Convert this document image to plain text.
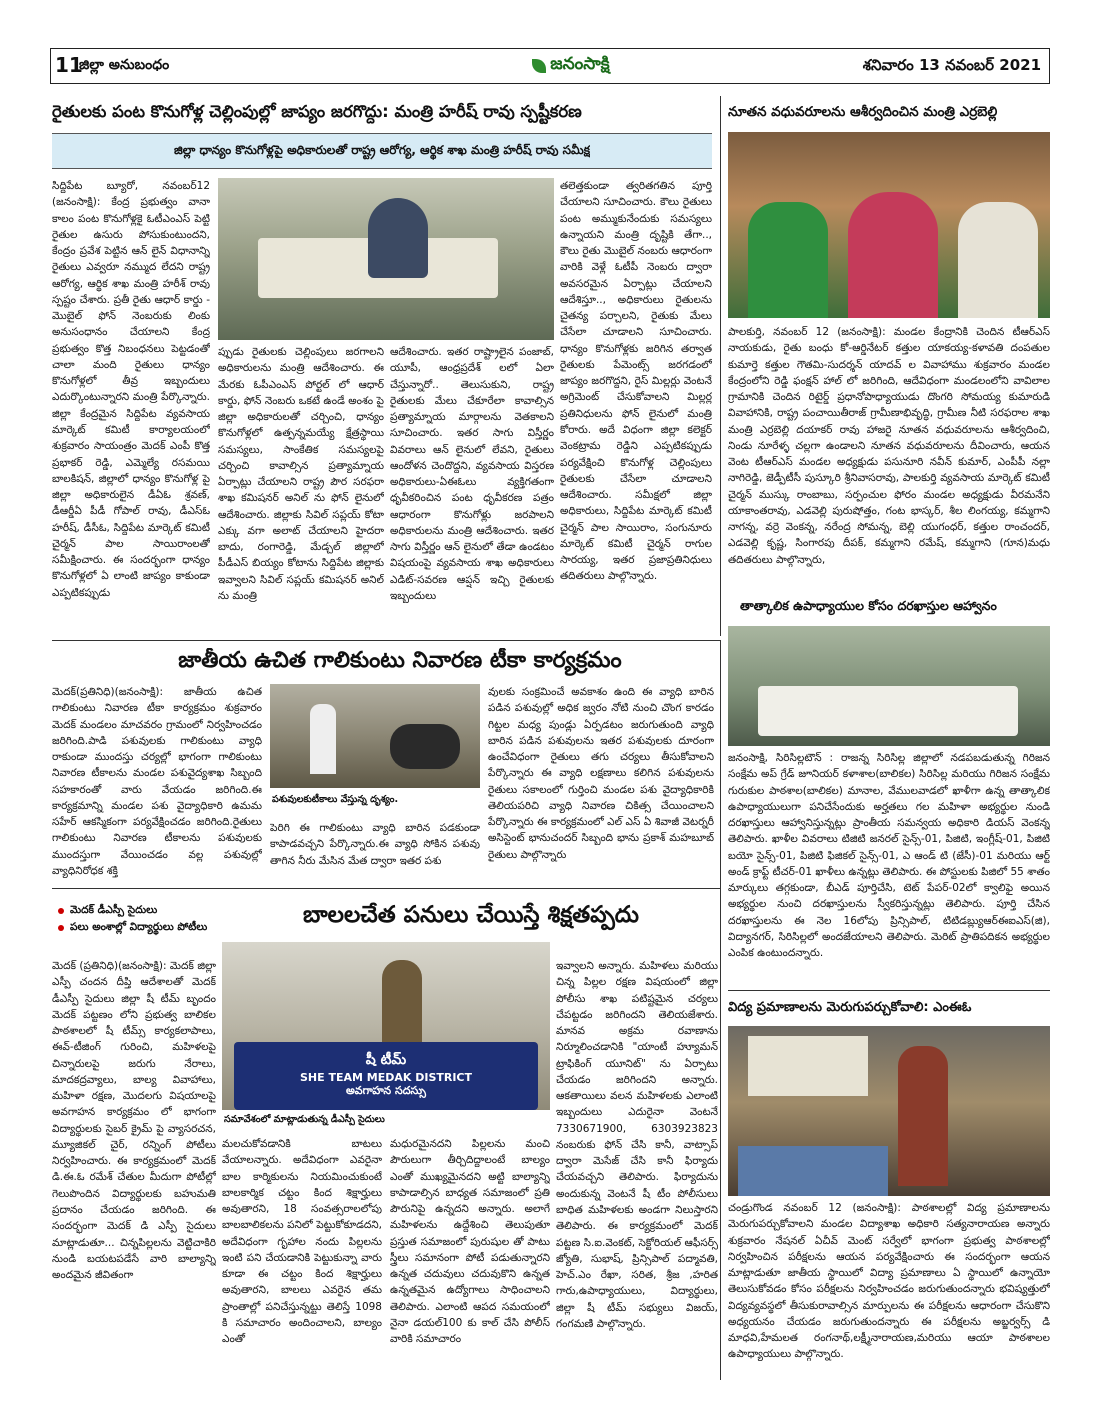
11
జిల్లా అనుబంధం	జనంసాక్షి	శనివారం 13 నవంబర్ 2021
రైతులకు పంట కొనుగోళ్ల చెల్లింపుల్లో జాప్యం జరగొద్దు: మంత్రి హరీష్ రావు స్పష్టీకరణ
జిల్లా ధాన్యం కొనుగోళ్లపై అధికారులతో రాష్ట్ర ఆరోగ్య, ఆర్థిక శాఖ మంత్రి హరీష్ రావు సమీక్ష
సిద్దిపేట బ్యూరో, నవంబర్12 (జనంసాక్షి): కేంద్ర ప్రభుత్వం వానా కాలం పంట కొనుగోళ్లకై ఓటీఎంఎస్ పెట్టి రైతుల ఉసురు పోసుకుంటుందని, కేంద్రం ప్రవేశ పెట్టిన ఆన్ లైన్ విధానాన్ని రైతులు ఎవ్వరూ నమ్ముద లేదని రాష్ట్ర ఆరోగ్య, ఆర్థిక శాఖ మంత్రి హరీశ్ రావు స్పష్టం చేశారు. ప్రతీ రైతు ఆధార్ కార్డు - మొబైల్ ఫోన్ నెంబరుకు లింకు అనుసంధానం చేయాలని కేంద్ర ప్రభుత్వం కొత్త నిబంధనలు పెట్టడంతో చాలా మంది రైతులు ధాన్యం కొనుగోళ్లలో తీవ్ర ఇబ్బందులు ఎదుర్కొంటున్నారని మంత్రి పేర్కొన్నారు. జిల్లా కేంద్రమైన సిద్దిపేట వ్యవసాయ మార్కెట్ కమిటీ కార్యాలయంలో శుక్రవారం సాయంత్రం మెదక్ ఎంపీ కొత్త ప్రభాకర్ రెడ్డి, ఎమ్మెల్యే రసమయి బాలకిషన్, జిల్లాలో ధాన్యం కొనుగోళ్ల పై జిల్లా అధికారులైన డీఏఓ శ్రవణ్, డీఆర్డీఏ పీడీ గోపాల్ రావు, డీఎస్ఓ హరీష్, డీసీఓ, సిద్దిపేట మార్కెట్ కమిటీ చైర్మన్ పాల సాయిరాంలతో సమీక్షించారు. ఈ సందర్భంగా ధాన్యం కొనుగోళ్లలో ఏ లాంటి జాప్యం కాకుండా ఎప్పటికప్పుడు
ప్పుడు రైతులకు చెల్లింపులు జరగాలని అధికారులను మంత్రి ఆదేశించారు. ఈ మేరకు ఓపీఎంఎస్ పోర్టల్ లో ఆధార్ కార్డు, ఫోన్ నెంబరు ఒకటే ఉండే అంశం పై జిల్లా అధికారులతో చర్చించి, ధాన్యం కొనుగోళ్లలో ఉత్పన్నమయ్యే క్షేత్రస్థాయి సమస్యలు, సాంకేతిక సమస్యలపై చర్చించి కావాల్సిన ప్రత్యామ్నాయ ఏర్పాట్లు చేయాలని రాష్ట్ర పౌర సరఫరా శాఖ కమిషనర్ అనిల్ ను ఫోన్ లైనులో ఆదేశించారు. జిల్లాకు సివిల్ సప్లయ్ కోటా ఎక్కు వగా అలాట్ చేయాలని హైదరా బాదు, రంగారెడ్డి, మేడ్చల్ జిల్లాలో పీడీఎస్ బియ్యం కోటాను సిద్దిపేట జిల్లాకు ఇవ్వాలని సివిల్ సప్లయ్ కమిషనర్ అనిల్ ను మంత్రి
ఆదేశించారు. ఇతర రాష్ట్రాలైన పంజాబ్, యూపీ, ఆంధ్రప్రదేశ్ లలో ఏలా చేస్తున్నారో.. తెలుసుకుని, రాష్ట్ర రైతులకు మేలు చేకూరేలా కావాల్సిన ప్రత్యామ్నాయ మార్గాలను వెతకాలని సూచించారు. ఇతర సాగు విస్తీర్ణం వివరాలు ఆన్ లైనులో లేవని, రైతులు ఆందోళన చెందొద్దని, వ్యవసాయ విస్తరణ అధికారులు-ఏఈఓలు వ్యక్తిగతంగా ధృవీకరించిన పంట ధృవీకరణ పత్రం ఆధారంగా కొనుగోళ్లు జరపాలని అధికారులను మంత్రి ఆదేశించారు. ఇతర సాగు విస్తీర్ణం ఆన్ లైనులో తేడా ఉండటం విషయంపై వ్యవసాయ శాఖ అధికారులు ఎడిట్-సవరణ ఆప్షన్ ఇచ్చి రైతులకు ఇబ్బందులు
తలెత్తకుండా త్వరితగతిన పూర్తి చేయాలని సూచించారు. కౌలు రైతులు పంట అమ్ముకునేందుకు సమస్యలు ఉన్నాయని మంత్రి దృష్టికి తేగా.., కౌలు రైతు మొబైల్ నంబరు ఆధారంగా వారికి వెళ్లే ఓటీపీ నెంబరు ద్వారా అవసరమైన ఏర్పాట్లు చేయాలని ఆదేశిస్తూ.., అధికారులు రైతులను చైతన్య పర్చాలని, రైతుకు మేలు చేసేలా చూడాలని సూచించారు. ధాన్యం కొనుగోళ్లకు జరిగిన తర్వాత రైతులకు పేమెంట్స్ జరగడంలో జాప్యం జరగొద్దని, రైస్ మిల్లర్లు వెంటనే అగ్రిమెంట్ చేసుకోవాలని మిల్లర్ల ప్రతినిధులను ఫోన్ లైనులో మంత్రి కోరారు. అదే విధంగా జిల్లా కలెక్టర్ వెంకట్రామ రెడ్డిని ఎప్పటికప్పుడు పర్యవేక్షించి కొనుగోళ్ల చెల్లింపులు రైతులకు చేసేలా చూడాలని ఆదేశించారు. సమీక్షలో జిల్లా అధికారులు, సిద్దిపేట మార్కెట్ కమిటీ చైర్మన్ పాల సాయిరాం, సంగునూరు మార్కెట్ కమిటీ చైర్మన్ రాగుల సారయ్య, ఇతర ప్రజాప్రతినిధులు తదితరులు పాల్గొన్నారు.
నూతన వధువరూలను ఆశీర్వదించిన మంత్రి ఎర్రబెల్లి
పాలకుర్తి, నవంబర్ 12 (జనంసాక్షి): మండల కేంద్రానికి చెందిన టీఆర్ఎస్ నాయకుడు, రైతు బంధు కో-ఆర్డినేటర్ కత్తుల యాకయ్య-కళావతి దంపతుల కుమార్తె కత్తుల గౌతమి-సుదర్శన్ యాదవ్ ల వివాహాము శుక్రవారం మండల కేంద్రంలోని రెడ్డి ఫంక్షన్ హాల్ లో జరిగింది, ఆదేవిధంగా మండలంలోని వావిలాల గ్రామానికి చెందిన రిటైర్డ్ ప్రధానోపాధ్యాయుడు దొంగరి సోమయ్య కుమారుడి వివాహానికి, రాష్ట్ర పంచాయితీరాజ్ గ్రామీణాభివృద్ధి, గ్రామీణ నీటి సరఫరాల శాఖ మంత్రి ఎర్రబెల్లి దయాకర్ రావు హాజరై నూతన వధువరూలను ఆశీర్వదించి, నిండు నూరేళ్ళ చల్లగా ఉండాలని నూతన వధువరూలను దీవించారు, ఆయన వెంట టీఆర్ఎస్ మండల అధ్యక్షుడు పసునూరి నవీన్ కుమార్, ఎంపీపీ నల్లా నాగిరెడ్డి, జెడ్పీటీసీ పుస్కూరి శ్రీనివాసరావు, పాలకుర్తి వ్యవసాయ మార్కెట్ కమిటీ చైర్మన్ ముస్కు రాంబాబు, సర్పంచుల ఫోరం మండల అధ్యక్షుడు వీరమనేని యాకాంతరావు, ఎడవెల్లి పురుషోత్తం, గంట భాస్కర్, శీల లింగయ్య, కమ్మగాని నాగన్న, వర్రె వెంకన్న, నరేంద్ర సోమన్న, బెల్లి యుగంధర్, కత్తుల రాంచందర్, ఎడవెల్లి కృష్ణ, సింగారపు దీపక్, కమ్మగాని రమేష్, కమ్మగాని (గూన)మధు తదితరులు పాల్గొన్నారు,
తాత్కాలిక ఉపాధ్యాయుల కోసం దరఖాస్తుల ఆహ్వానం
జనంసాక్షి, సిరిసిల్లటౌన్ : రాజన్న సిరిసిల్ల జిల్లాలో నడపబడుతున్న గిరిజన సంక్షేమ అప్ గ్రేడ్ జూనియర్ కళాశాల(బాలికల) సిరిసిల్ల మరియు గిరిజన సంక్షేమ గురుకుల పాఠశాల(బాలికల) మానాల, వేములవాడలో ఖాళీగా ఉన్న తాత్కాలిక ఉపాధ్యాయులుగా పనిచేసేందుకు అర్హతలు గల మహిళా అభ్యర్థుల నుండి దరఖాస్తులు ఆహ్వానిస్తున్నట్లు ప్రాంతీయ సమన్వయ అధికారి డియస్ వెంకన్న తెలిపారు. ఖాళీల వివరాలు టిజిటి జనరల్ సైన్స్-01, పిజిటి, ఇంగ్లీష్-01, పిజిటి బయో సైన్స్-01, పిజిటి ఫిజికల్ సైన్స్-01, ఎ ఆండ్ టి (జేసీ)-01 మరియు ఆర్ట్ అండ్ క్రాఫ్ట్ టీచర్-01 ఖాళీలు ఉన్నట్లు తెలిపారు. ఈ పోస్టులకు పిజిలో 55 శాతం మార్కులు తగ్గకుండా, బీఎడ్ పూర్తిచేసి, టెట్ పేపర్-02లో క్వాలిఫై అయిన అభ్యర్థుల నుంచి దరఖాస్తులను స్వీకరిస్తున్నట్లు తెలిపారు. పూర్తి చేసిన దరఖాస్తులను ఈ నెల 16లోపు ప్రిన్సిపాల్, టిటిడబ్ల్యుఆర్ఈఐఎస్(జి), విద్యానగర్, సిరిసిల్లలో అందజేయాలని తెలిపారు. మెరిట్ ప్రాతిపదికన అభ్యర్థుల ఎంపిక ఉంటుందన్నారు.
జాతీయ ఉచిత గాలికుంటు నివారణ టీకా కార్యక్రమం
మెదక్(ప్రతినిధి)(జనంసాక్షి): జాతీయ ఉచిత గాలికుంటు నివారణ టీకా కార్యక్రమం శుక్రవారం మెదక్ మండలం మాచవరం గ్రామంలో నిర్వహించడం జరిగింది.పాడి పశువులకు గాలికుంటు వ్యాధి రాకుండా ముందస్తు చర్యల్లో భాగంగా గాలికుంటు నివారణ టీకాలను మండల పశువైద్యశాఖ సిబ్బంది సహకారంతో వారు వేయడం జరిగింది.ఈ కార్యక్రమాన్ని మండల పశు వైద్యాధికారి ఉమమ సహేర్ ఆకస్మికంగా పర్యవేక్షించడం జరిగింది.రైతులు గాలికుంటు నివారణ టీకాలను పశువులకు ముందస్తుగా వేయించడం వల్ల పశువుల్లో వ్యాధినిరోధక శక్తి
పశువులకుటీకాలు వేస్తున్న దృశ్యం.
పెరిగి ఈ గాలికుంటు వ్యాధి బారిన పడకుండా కాపాడవచ్చని పేర్కొన్నారు.ఈ వ్యాధి సోకిన పశువు తాగిన నీరు మేసిన మేత ద్వారా ఇతర పశు
వులకు సంక్రమించే అవకాశం ఉంది ఈ వ్యాధి బారిన పడిన పశువుల్లో అధిక జ్వరం నోటి నుంచి చొంగ కారడం గిట్టల మధ్య పుండ్లు ఏర్పడటం జరుగుతుంది వ్యాధి బారిన పడిన పశువులను ఇతర పశువులకు దూరంగా ఉంచేవిధంగా రైతులు తగు చర్యలు తీసుకోవాలని పేర్కొన్నారు ఈ వ్యాధి లక్షణాలు కలిగిన పశువులను రైతులు సకాలంలో గుర్తించి మండల పశు వైద్యాధికారికి తెలియపరిచి వ్యాధి నివారణ చికిత్స చేయించాలని పేర్కొన్నారు ఈ కార్యక్రమంలో ఎల్ ఎస్ ఏ శివాజీ వెటర్నరీ అసిస్టెంట్ భానుచందర్ సిబ్బంది భాను ప్రకాశ్ మహబూబ్ రైతులు పాల్గొన్నారు
మెదక్ డీఎస్పీ సైదులు
పలు అంశాల్లో విద్యార్థులు పోటీలు	బాలలచేత పనులు చేయిస్తే శిక్షతప్పదు
మెదక్ (ప్రతినిధి)(జనంసాక్షి): మెదక్ జిల్లా ఎస్పీ చందన దీప్తి ఆదేశాలతో మెదక్ డీఎస్పీ సైదులు జిల్లా షీ టీమ్ బృందం మెదక్ పట్టణం లోని ప్రభుత్వ బాలికల పాఠశాలలో షీ టీమ్స్ కార్యకలాపాలు, ఈవ్-టీజింగ్ గురించి, మహిళలపై చిన్నారులపై జరుగు నేరాలు, మాదకద్రవ్యాలు, బాల్య వివాహాలు, మహిళా రక్షణ, మొదలగు విషయాలపై అవగాహన కార్యక్రమం లో భాగంగా విద్యార్థులకు సైబర్ క్రైమ్ పై వ్యాసరచన, మ్యూజికల్ చైర్, రన్నింగ్ పోటీలు నిర్వహించారు. ఈ కార్యక్రమంలో మెదక్ డి.ఈ.ఓ రమేశ్ చేతుల మీదుగా పోటీల్లో గెలుపొందిన విద్యార్థులకు బహుమతి ప్రదానం చేయడం జరిగింది. ఈ సందర్భంగా మెదక్ డి ఎస్పీ సైదులు మాట్లాడుతూ... చిన్నపిల్లలను వెట్టిచాకిరి నుండి బయటపడేసే వారి బాల్యాన్ని అందమైన జీవితంగా
షీ టీమ్
SHE TEAM MEDAK DISTRICT
అవగాహన సదస్సు
సమావేశంలో మాట్లాడుతున్న డీఎస్పీ సైదులు
మలచుకోవడానికి బాటలు వేయాలన్నారు. అదేవిధంగా ఎవరైనా బాల కార్మికులను నియమించుకుంటే బాలకార్మిక చట్టం కింద శిక్షార్హులు అవుతారని, 18 సంవత్సరాలలోపు బాలబాలికలను పనిలో పెట్టుకోకూడదని, అదేవిధంగా గృహాల నందు పిల్లలను ఇంటి పని చేయడానికి పెట్టుకున్నా వారు కూడా ఈ చట్టం కింద శిక్షార్హులు అవుతారని, బాలలు ఎవరైన తమ ప్రాంతాల్లో పనిచేస్తున్నట్టు తెలిస్తే 1098 కి సమాచారం అందించాలని, బాల్యం ఎంతో
మధురమైనదని పిల్లలను మంచి పౌరులుగా తీర్చిదిద్దాలంటే బాల్యం ఎంతో ముఖ్యమైనదని అట్టి బాల్యాన్ని కాపాడాల్సిన బాధ్యత సమాజంలో ప్రతి పౌరునిపై ఉన్నదని అన్నారు. అలాగే మహిళలను ఉద్దేశించి తెలుపుతూ ప్రస్తుత సమాజంలో పురుషుల తో పాటు స్త్రీలు సమానంగా పోటీ పడుతున్నారని ఉన్నత చదువులు చదువుకొని ఉన్నత ఉన్నతమైన ఉద్యోగాలు సాధించాలని తెలిపారు. ఎలాంటి ఆపద సమయంలో నైనా డయల్100 కు కాల్ చేసి పోలీస్ వారికి సమాచారం
ఇవ్వాలని అన్నారు. మహిళలు మరియు చిన్న పిల్లల రక్షణ విషయంలో జిల్లా పోలీసు శాఖ పటిష్టమైన చర్యలు చేపట్టడం జరిగిందని తెలియజేశారు. మానవ అక్రమ రవాణాను నిర్మూలించడానికి "యాంటీ హ్యూమన్ ట్రాఫికింగ్ యూనిట్" ను ఏర్పాటు చేయడం జరిగిందని అన్నారు. ఆకతాయిలు వలన మహిళలకు ఎలాంటి ఇబ్బందులు ఎదురైనా వెంటనే 7330671900, 6303923823 నంబరుకు ఫోన్ చేసి కానీ, వాట్సాప్ ద్వారా మెసేజ్ చేసి కానీ ఫిర్యాదు చేయవచ్చని తెలిపారు. ఫిర్యాదును అందుకున్న వెంటనే షీ టీం పోలీసులు బాధిత మహిళలకు అండగా నిలుస్తారని తెలిపారు. ఈ కార్యక్రమంలో మెదక్ పట్టణ సి.ఐ.వెంకట్, సెక్టోరియల్ ఆఫీసర్స్ జ్యోతి, సుభాష్, ప్రిన్సిపాల్ పద్మావతి, హెచ్.ఎం రేఖా, సరిత, శ్రీజ ,హరిత గారు,ఉపాధ్యాయులు, విద్యార్థులు, జిల్లా షీ టీమ్ సభ్యులు విజయ్, గంగమణి పాల్గొన్నారు.
విద్య ప్రమాణాలను మెరుగుపర్చుకోవాలి: ఎంఈఓ
చండ్రుగొండ నవంబర్ 12 (జనంసాక్షి): పాఠశాలల్లో విద్య ప్రమాణాలను మెరుగుపర్చుకోవాలని మండల విద్యాశాఖ అధికారి సత్యనారాయణ అన్నారు శుక్రవారం నేషనల్ ఏచీవ్ మెంట్ సర్వేలో భాగంగా ప్రభుత్వ పాఠశాలల్లో నిర్వహించిన పరీక్షలను ఆయన పర్యవేక్షించారు ఈ సందర్భంగా ఆయన మాట్లాడుతూ జాతీయ స్థాయిలో విద్యా ప్రమాణాలు ఏ స్థాయిలో ఉన్నాయో తెలుసుకోవడం కోసం పరీక్షలను నిర్వహించడం జరుగుతుందన్నారు భవిష్యత్తులో విద్యవ్యవస్థలో తీసుకురావాల్సిన మార్పులను ఈ పరీక్షలను ఆధారంగా చేసుకొని అధ్యయనం చేయడం జరుగుతుందన్నారు ఈ పరీక్షలను అబ్జర్వర్స్ డి మాధవి,హేమలత రంగనాథ్,లక్ష్మీనారాయణ,మరియు ఆయా పాఠశాలల ఉపాధ్యాయులు పాల్గొన్నారు.
